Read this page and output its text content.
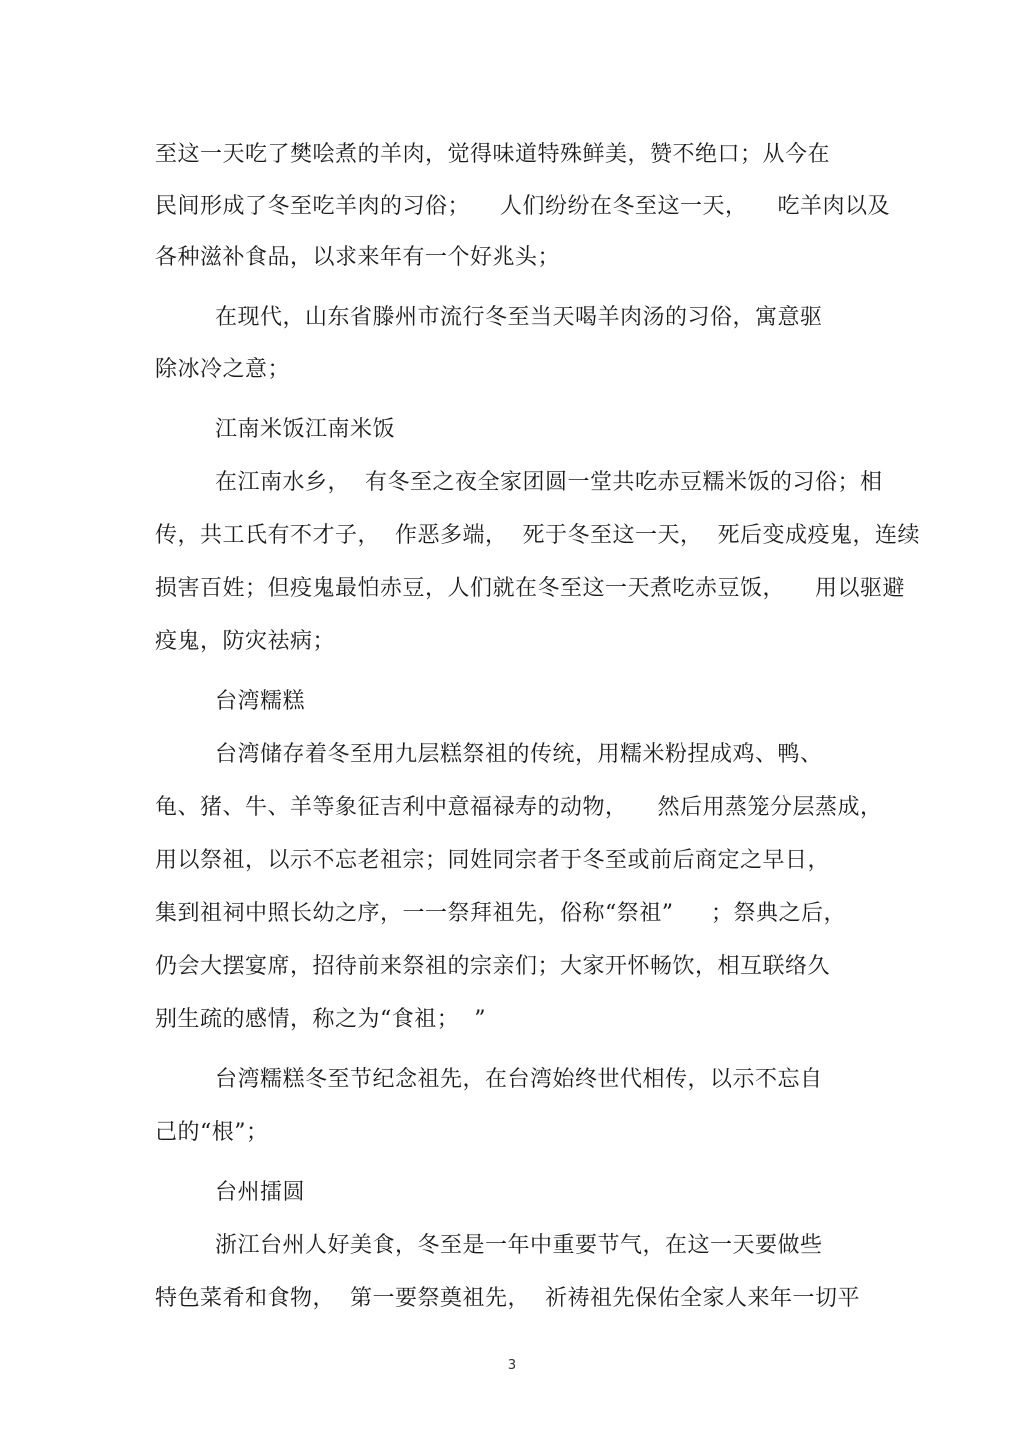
至这一天吃了樊哙煮的羊肉，觉得味道特殊鲜美，赞不绝口；从今在
民间形成了冬至吃羊肉的习俗；    人们纷纷在冬至这一天，    吃羊肉以及
各种滋补食品，以求来年有一个好兆头；
在现代，山东省滕州市流行冬至当天喝羊肉汤的习俗，寓意驱
除冰冷之意；
江南米饭江南米饭
在江南水乡，  有冬至之夜全家团圆一堂共吃赤豆糯米饭的习俗；相
传，共工氏有不才子，  作恶多端，  死于冬至这一天，  死后变成疫鬼，连续
损害百姓；但疫鬼最怕赤豆，人们就在冬至这一天煮吃赤豆饭，    用以驱避
疫鬼，防灾祛病；
台湾糯糕
台湾储存着冬至用九层糕祭祖的传统，用糯米粉捏成鸡、鸭、
龟、猪、牛、羊等象征吉利中意福禄寿的动物，    然后用蒸笼分层蒸成，
用以祭祖，以示不忘老祖宗；同姓同宗者于冬至或前后商定之早日，
集到祖祠中照长幼之序，一一祭拜祖先，俗称“祭祖”     ；祭典之后，
仍会大摆宴席，招待前来祭祖的宗亲们；大家开怀畅饮，相互联络久
别生疏的感情，称之为“食祖；  ”
台湾糯糕冬至节纪念祖先，在台湾始终世代相传，以示不忘自
己的“根”；
台州擂圆
浙江台州人好美食，冬至是一年中重要节气，在这一天要做些
特色菜肴和食物，  第一要祭奠祖先，  祈祷祖先保佑全家人来年一切平
3
